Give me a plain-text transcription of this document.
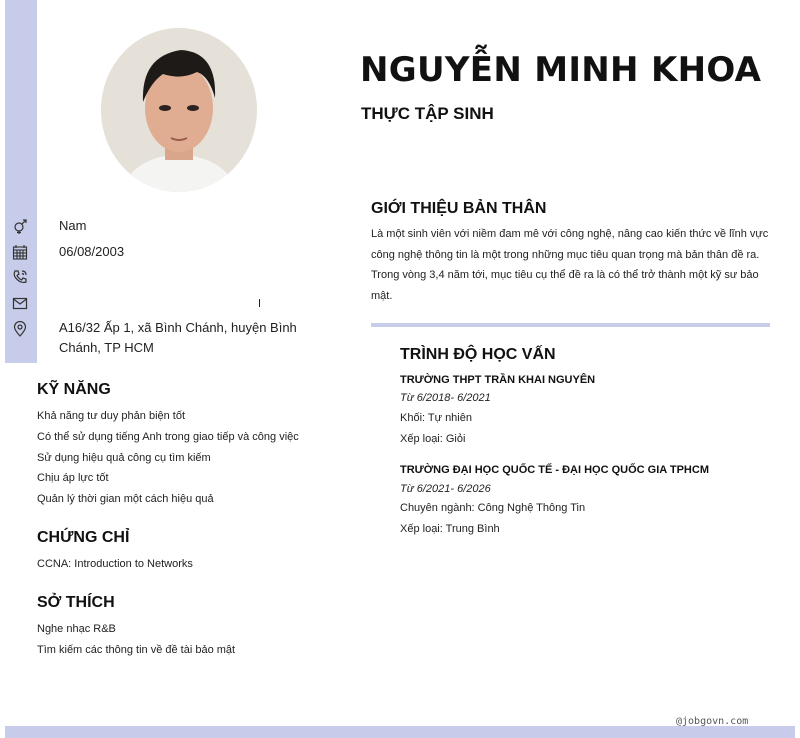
NGUYỄN MINH KHOA
THỰC TẬP SINH
Nam
06/08/2003
A16/32 Ấp 1, xã Bình Chánh, huyện Bình Chánh, TP HCM
GIỚI THIỆU BẢN THÂN
Là một sinh viên với niềm đam mê với công nghệ, nâng cao kiến thức về lĩnh vực
công nghệ thông tin là một trong những mục tiêu quan trọng mà bản thân đề ra.
Trong vòng 3,4 năm tới, mục tiêu cụ thể đề ra là có thể trở thành một kỹ sư bảo
mật.
KỸ NĂNG
Khả năng tư duy phản biện tốt
Có thể sử dụng tiếng Anh trong giao tiếp và công việc
Sử dụng hiệu quả công cụ tìm kiếm
Chịu áp lực tốt
Quản lý thời gian một cách hiệu quả
CHỨNG CHỈ
CCNA: Introduction to Networks
SỞ THÍCH
Nghe nhạc R&B
Tìm kiếm các thông tin về đề tài bảo mật
TRÌNH ĐỘ HỌC VẤN
TRƯỜNG THPT TRẦN KHAI NGUYÊN
Từ 6/2018- 6/2021
Khối: Tự nhiên
Xếp loại: Giỏi
TRƯỜNG ĐẠI HỌC QUỐC TẾ - ĐẠI HỌC QUỐC GIA TPHCM
Từ 6/2021- 6/2026
Chuyên ngành: Công Nghệ Thông Tin
Xếp loại: Trung Bình
@jobgovn.com
